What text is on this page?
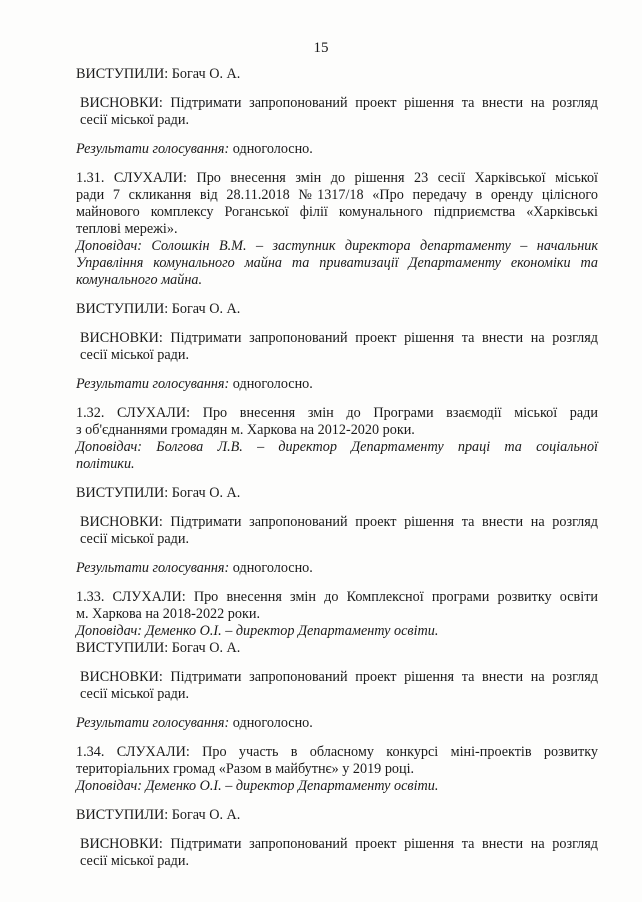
15
ВИСТУПИЛИ: Богач О. А.
ВИСНОВКИ: Підтримати запропонований проект рішення та внести на розгляд
сесії міської ради.
Результати голосування: одноголосно.
1.31. СЛУХАЛИ: Про внесення змін до рішення 23 сесії Харківської міської
ради 7 скликання від 28.11.2018 №1317/18 «Про передачу в оренду цілісного
майнового комплексу Роганської філії комунального підприємства «Харківські
теплові мережі».
Доповідач: Солошкін В.М. – заступник директора департаменту – начальник
Управління комунального майна та приватизації Департаменту економіки та
комунального майна.
ВИСТУПИЛИ: Богач О. А.
ВИСНОВКИ: Підтримати запропонований проект рішення та внести на розгляд
сесії міської ради.
Результати голосування: одноголосно.
1.32. СЛУХАЛИ: Про внесення змін до Програми взаємодії міської ради
з об'єднаннями громадян м. Харкова на 2012-2020 роки.
Доповідач: Болгова Л.В. – директор Департаменту праці та соціальної
політики.
ВИСТУПИЛИ: Богач О. А.
ВИСНОВКИ: Підтримати запропонований проект рішення та внести на розгляд
сесії міської ради.
Результати голосування: одноголосно.
1.33. СЛУХАЛИ: Про внесення змін до Комплексної програми розвитку освіти
м. Харкова на 2018-2022 роки.
Доповідач: Деменко О.І. – директор Департаменту освіти.
ВИСТУПИЛИ: Богач О. А.
ВИСНОВКИ: Підтримати запропонований проект рішення та внести на розгляд
сесії міської ради.
Результати голосування: одноголосно.
1.34. СЛУХАЛИ: Про участь в обласному конкурсі міні-проектів розвитку
територіальних громад «Разом в майбутнє» у 2019 році.
Доповідач: Деменко О.І. – директор Департаменту освіти.
ВИСТУПИЛИ: Богач О. А.
ВИСНОВКИ: Підтримати запропонований проект рішення та внести на розгляд
сесії міської ради.
